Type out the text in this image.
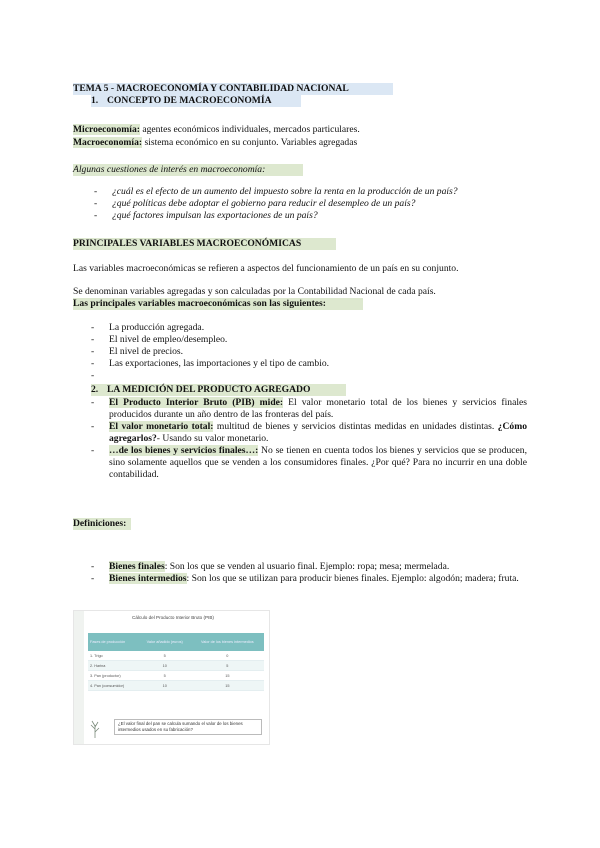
TEMA 5 - MACROECONOMÍA Y CONTABILIDAD NACIONAL
1. CONCEPTO DE MACROECONOMÍA
Microeconomía: agentes económicos individuales, mercados particulares.
Macroeconomía: sistema económico en su conjunto. Variables agregadas
Algunas cuestiones de interés en macroeconomía:
- ¿cuál es el efecto de un aumento del impuesto sobre la renta en la producción de un país?
- ¿qué políticas debe adoptar el gobierno para reducir el desempleo de un país?
- ¿qué factores impulsan las exportaciones de un país?
PRINCIPALES VARIABLES MACROECONÓMICAS
Las variables macroeconómicas se refieren a aspectos del funcionamiento de un país en su conjunto.
Se denominan variables agregadas y son calculadas por la Contabilidad Nacional de cada país.
Las principales variables macroeconómicas son las siguientes:
- La producción agregada.
- El nivel de empleo/desempleo.
- El nivel de precios.
- Las exportaciones, las importaciones y el tipo de cambio.
-
2. LA MEDICIÓN DEL PRODUCTO AGREGADO
- El Producto Interior Bruto (PIB) mide: El valor monetario total de los bienes y servicios finales producidos durante un año dentro de las fronteras del país.
- El valor monetario total: multitud de bienes y servicios distintas medidas en unidades distintas. ¿Cómo agregarlos?- Usando su valor monetario.
- …de los bienes y servicios finales…: No se tienen en cuenta todos los bienes y servicios que se producen, sino solamente aquellos que se venden a los consumidores finales. ¿Por qué? Para no incurrir en una doble contabilidad.
Definiciones:
- Bienes finales: Son los que se venden al usuario final. Ejemplo: ropa; mesa; mermelada.
- Bienes intermedios: Son los que se utilizan para producir bienes finales. Ejemplo: algodón; madera; fruta.
Cálculo del Producto Interior Bruto (PIB)
Fases de producción	Valor añadido (euros)	Valor de los bienes intermedios
1. Trigo	5	0
2. Harina	10	5
3. Pan (productor)	5	15
4. Pan (consumidor)	10	15
¿El valor final del pan se calcula sumando el valor de los bienes intermedios usados en su fabricación?
